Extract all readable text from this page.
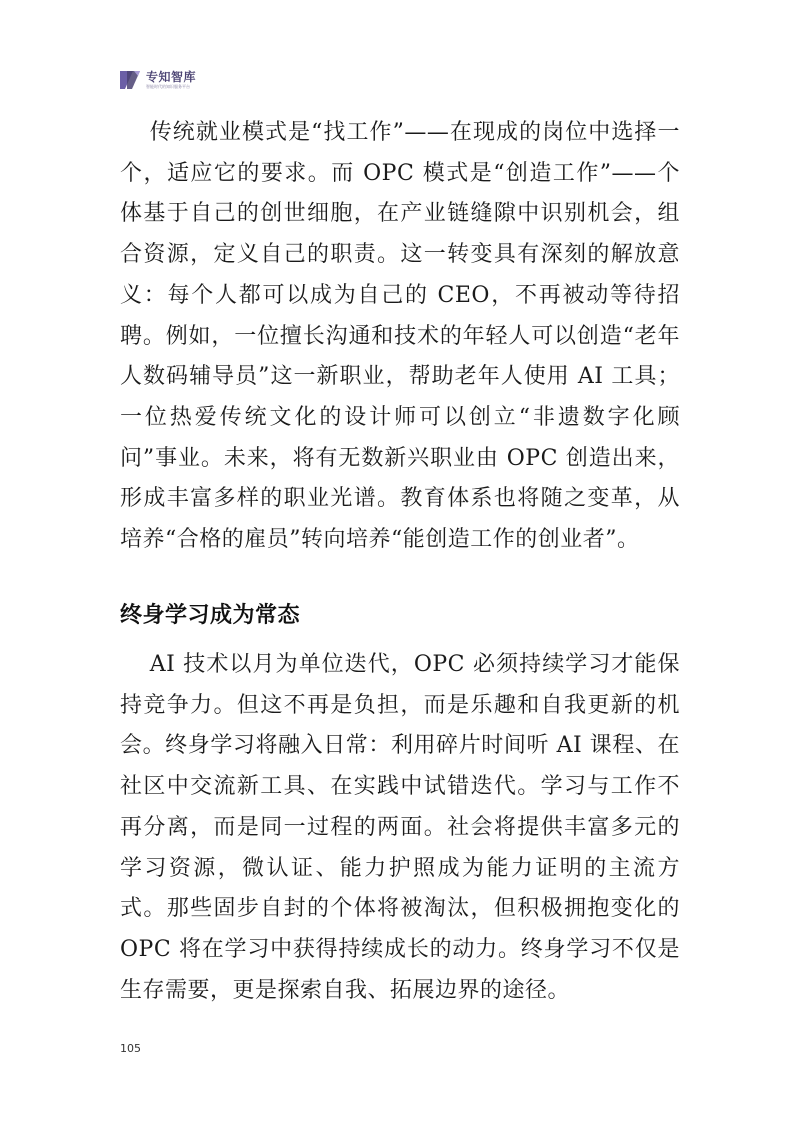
专知智库
智能时代的知识服务平台

传统就业模式是“找工作”——在现成的岗位中选择一个，适应它的要求。而 OPC 模式是“创造工作”——个体基于自己的创世细胞，在产业链缝隙中识别机会，组合资源，定义自己的职责。这一转变具有深刻的解放意义：每个人都可以成为自己的 CEO，不再被动等待招聘。例如，一位擅长沟通和技术的年轻人可以创造“老年人数码辅导员”这一新职业，帮助老年人使用 AI 工具；一位热爱传统文化的设计师可以创立“非遗数字化顾问”事业。未来，将有无数新兴职业由 OPC 创造出来，形成丰富多样的职业光谱。教育体系也将随之变革，从培养“合格的雇员”转向培养“能创造工作的创业者”。

终身学习成为常态

AI 技术以月为单位迭代，OPC 必须持续学习才能保持竞争力。但这不再是负担，而是乐趣和自我更新的机会。终身学习将融入日常：利用碎片时间听 AI 课程、在社区中交流新工具、在实践中试错迭代。学习与工作不再分离，而是同一过程的两面。社会将提供丰富多元的学习资源，微认证、能力护照成为能力证明的主流方式。那些固步自封的个体将被淘汰，但积极拥抱变化的 OPC 将在学习中获得持续成长的动力。终身学习不仅是生存需要，更是探索自我、拓展边界的途径。

105
